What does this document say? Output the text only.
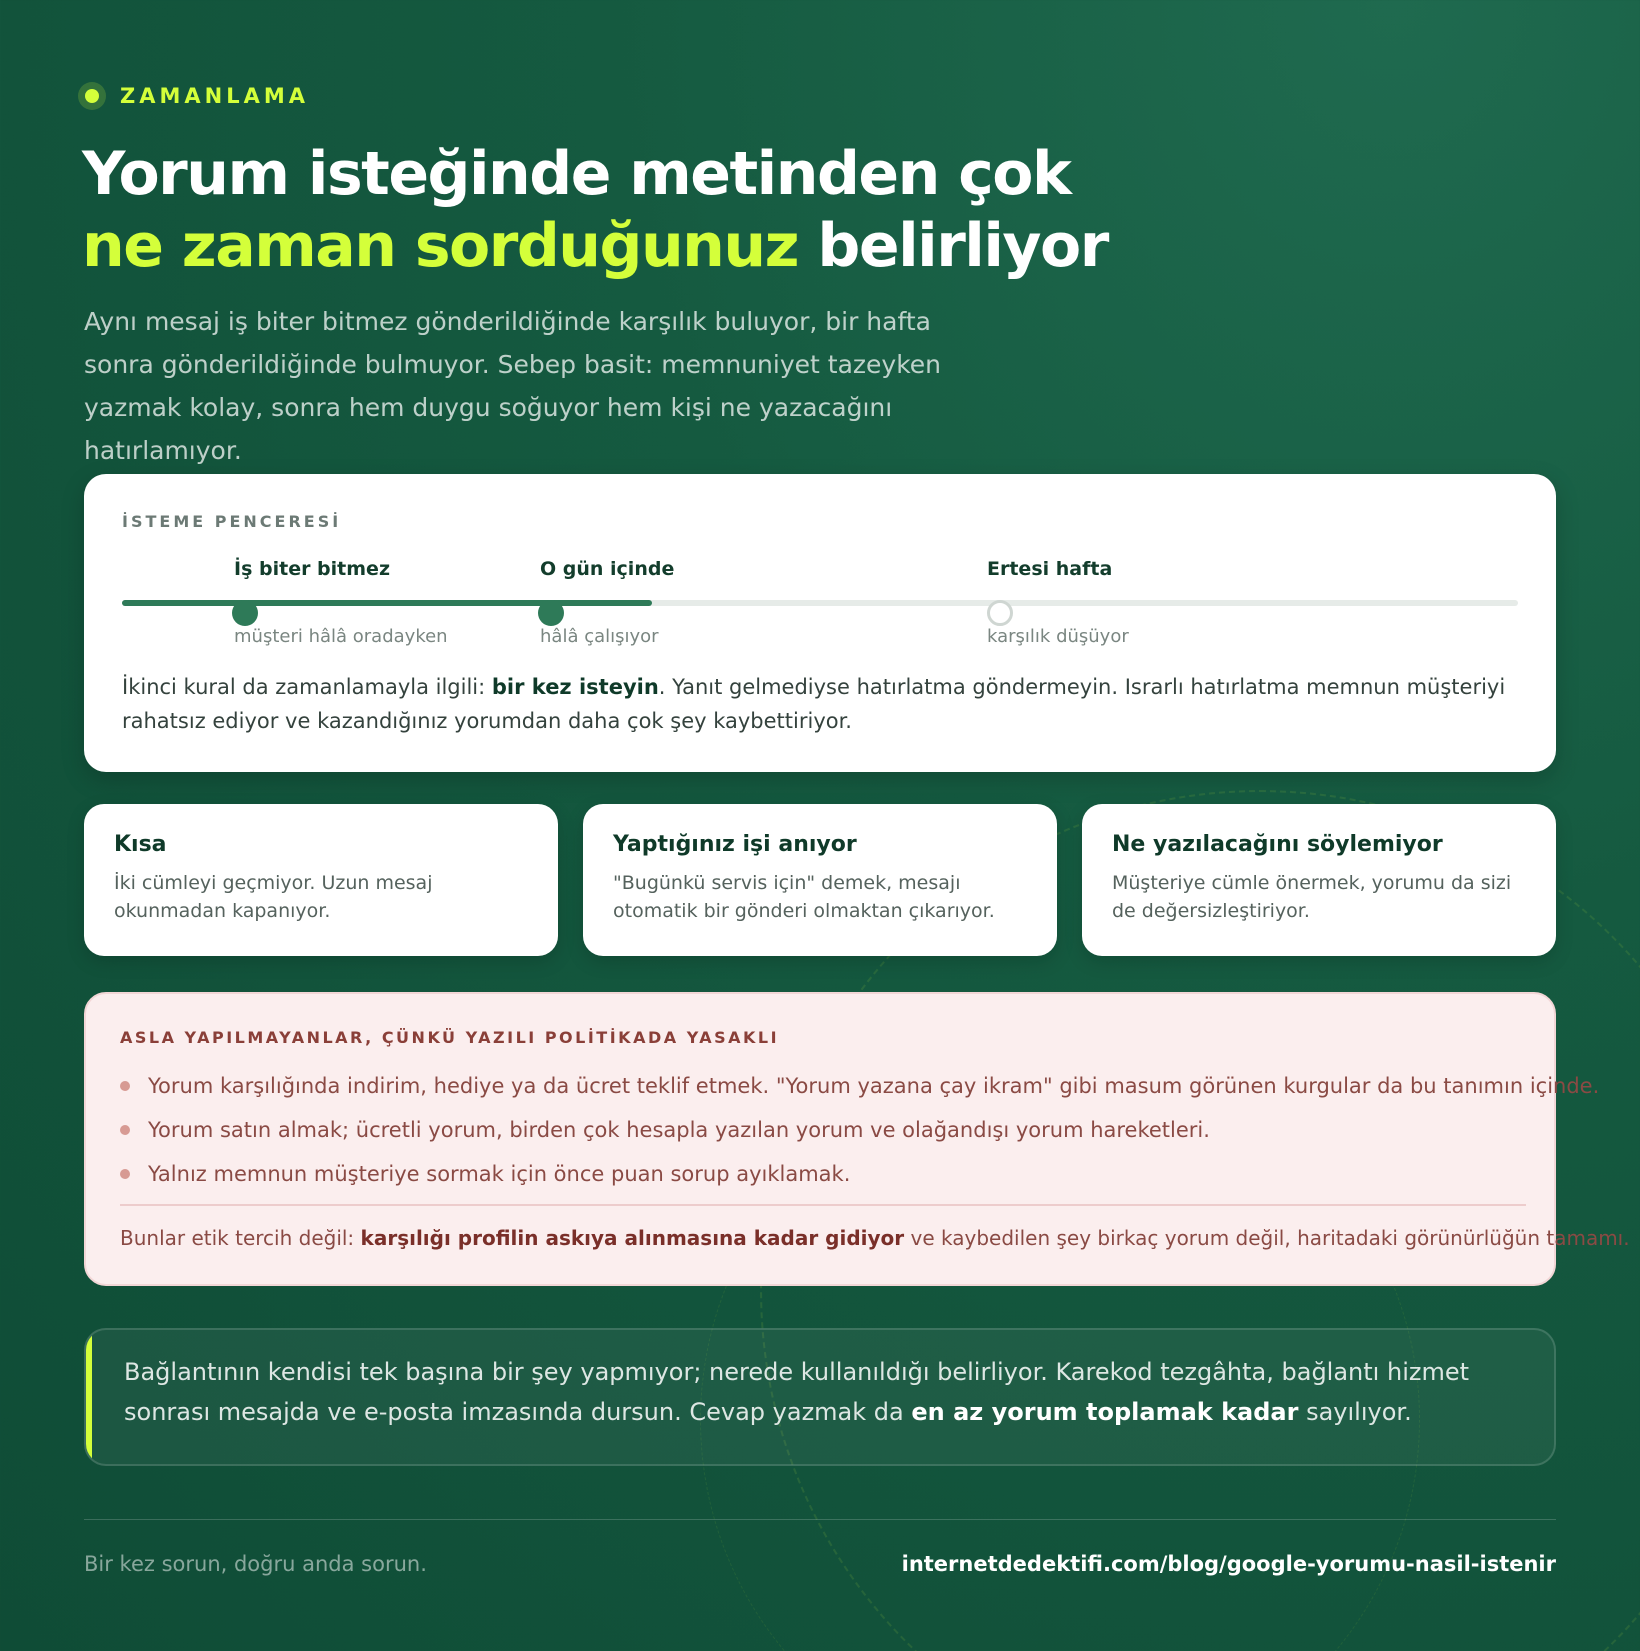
ZAMANLAMA
Yorum isteğinde metinden çok
ne zaman sorduğunuz belirliyor
Aynı mesaj iş biter bitmez gönderildiğinde karşılık buluyor, bir hafta sonra gönderildiğinde bulmuyor. Sebep basit: memnuniyet tazeyken yazmak kolay, sonra hem duygu soğuyor hem kişi ne yazacağını hatırlamıyor.
İSTEME PENCERESİ
İş biter bitmez
müşteri hâlâ oradayken
O gün içinde
hâlâ çalışıyor
Ertesi hafta
karşılık düşüyor
İkinci kural da zamanlamayla ilgili: bir kez isteyin. Yanıt gelmediyse hatırlatma göndermeyin. Israrlı hatırlatma memnun müşteriyi rahatsız ediyor ve kazandığınız yorumdan daha çok şey kaybettiriyor.
Kısa

İki cümleyi geçmiyor. Uzun mesaj okunmadan kapanıyor.

Yaptığınız işi anıyor

"Bugünkü servis için" demek, mesajı otomatik bir gönderi olmaktan çıkarıyor.

Ne yazılacağını söylemiyor

Müşteriye cümle önermek, yorumu da sizi de değersizleştiriyor.

ASLA YAPILMAYANLAR, ÇÜNKÜ YAZILI POLİTİKADA YASAKLI
Yorum karşılığında indirim, hediye ya da ücret teklif etmek. "Yorum yazana çay ikram" gibi masum görünen kurgular da bu tanımın içinde.
Yorum satın almak; ücretli yorum, birden çok hesapla yazılan yorum ve olağandışı yorum hareketleri.
Yalnız memnun müşteriye sormak için önce puan sorup ayıklamak.
Bunlar etik tercih değil: karşılığı profilin askıya alınmasına kadar gidiyor ve kaybedilen şey birkaç yorum değil, haritadaki görünürlüğün tamamı.
Bağlantının kendisi tek başına bir şey yapmıyor; nerede kullanıldığı belirliyor. Karekod tezgâhta, bağlantı hizmet sonrası mesajda ve e-posta imzasında dursun. Cevap yazmak da en az yorum toplamak kadar sayılıyor.
Bir kez sorun, doğru anda sorun.	internetdedektifi.com/blog/google-yorumu-nasil-istenir
